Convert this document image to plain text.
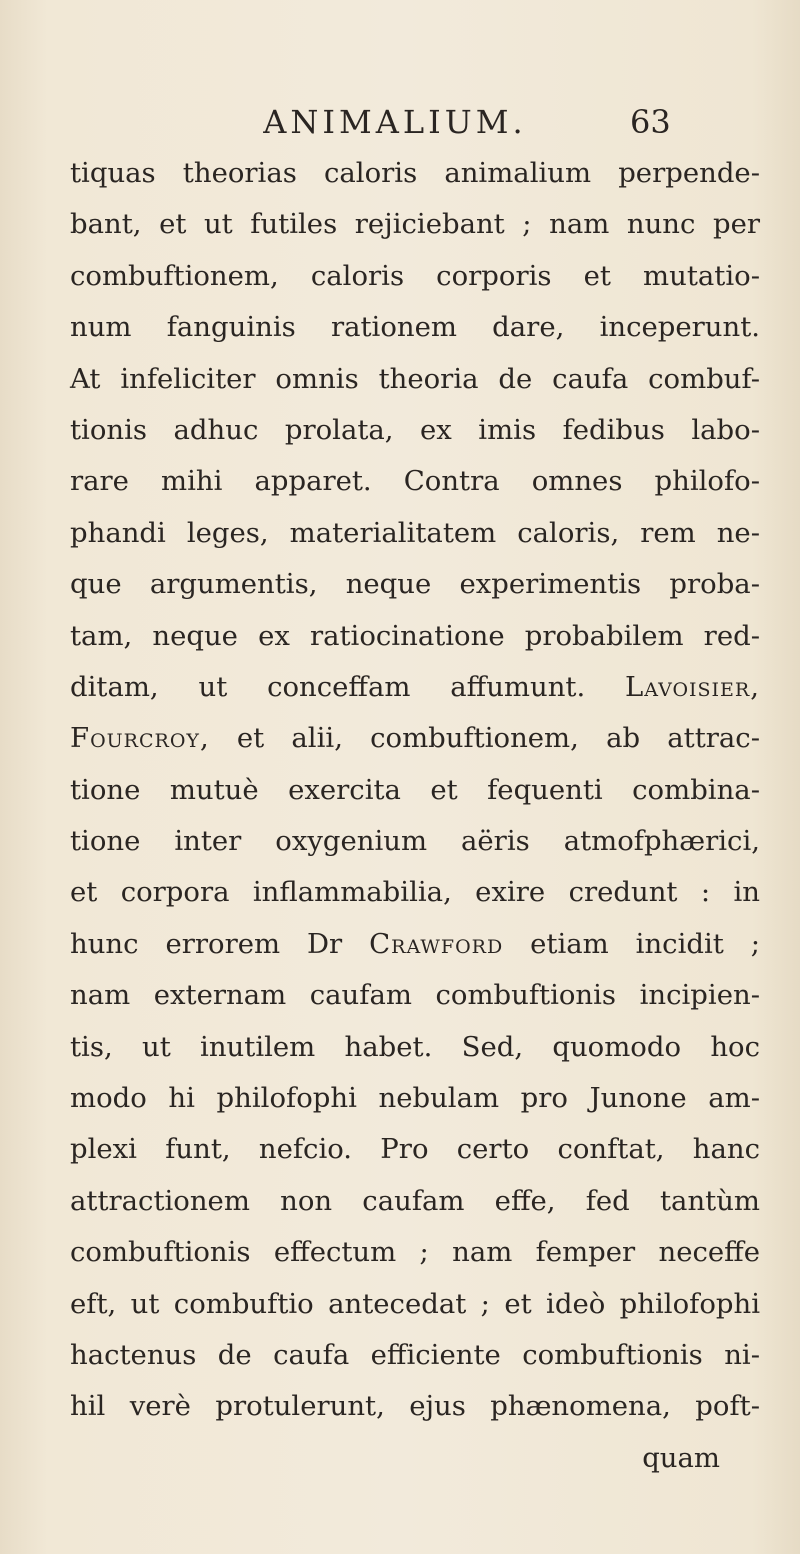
ANIMALIUM.	63
tiquas theorias caloris animalium perpende-
bant, et ut futiles rejiciebant ; nam nunc per
combuftionem, caloris corporis et mutatio-
num fanguinis rationem dare, inceperunt.
At infeliciter omnis theoria de caufa combuf-
tionis adhuc prolata, ex imis fedibus labo-
rare mihi apparet. Contra omnes philofo-
phandi leges, materialitatem caloris, rem ne-
que argumentis, neque experimentis proba-
tam, neque ex ratiocinatione probabilem red-
ditam, ut conceffam affumunt. Lavoisier,
Fourcroy, et alii, combuftionem, ab attrac-
tione mutuè exercita et fequenti combina-
tione inter oxygenium aëris atmofphærici,
et corpora inflammabilia, exire credunt : in
hunc errorem Dr Crawford etiam incidit ;
nam externam caufam combuftionis incipien-
tis, ut inutilem habet. Sed, quomodo hoc
modo hi philofophi nebulam pro Junone am-
plexi funt, nefcio. Pro certo conftat, hanc
attractionem non caufam effe, fed tantùm
combuftionis effectum ; nam femper neceffe
eft, ut combuftio antecedat ; et ideò philofophi
hactenus de caufa efficiente combuftionis ni-
hil verè protulerunt, ejus phænomena, poft-
quam
